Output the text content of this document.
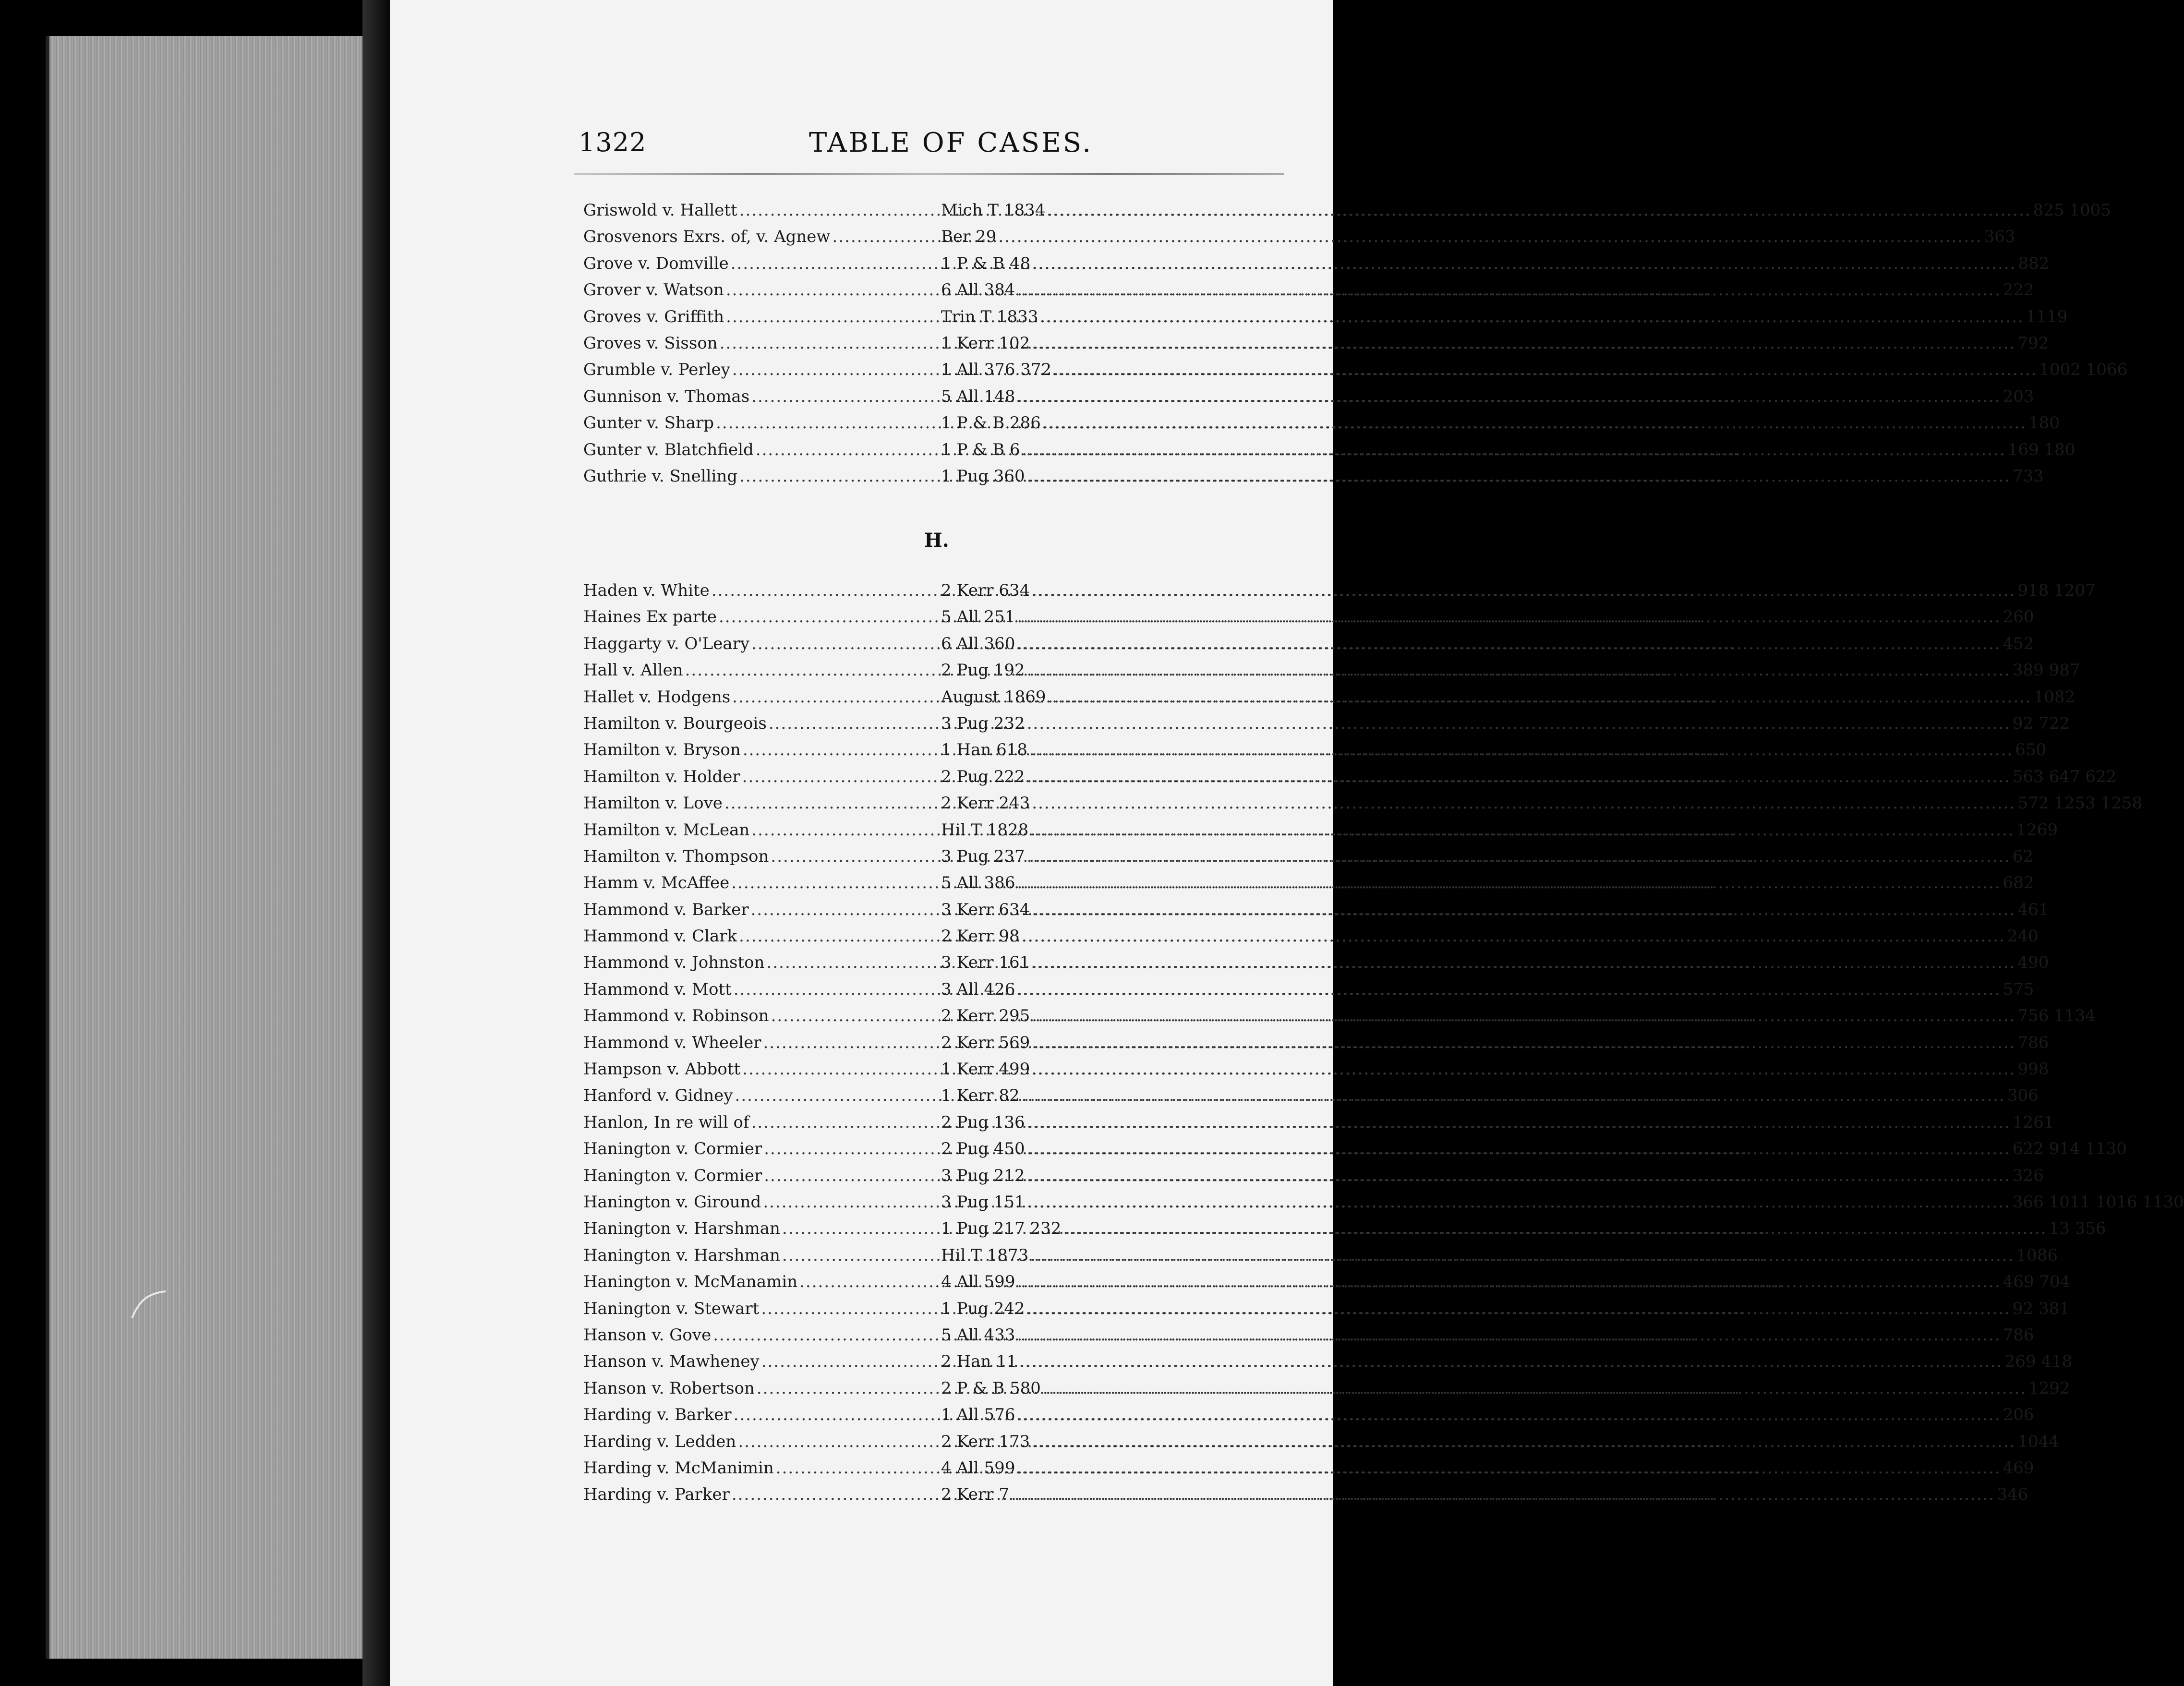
1322	TABLE OF CASES.
Griswold v. Hallett .....	Mich T 1834 .....	825 1005
Grosvenors Exrs. of, v. Agnew .....	Ber 29 .....	363
Grove v. Domville .....	1 P & B 48 .....	882
Grover v. Watson .....	6 All 384 .....	222
Groves v. Griffith .....	Trin T 1833 .....	1119
Groves v. Sisson .....	1 Kerr 102 .....	792
Grumble v. Perley .....	1 All 376 372 .....	1002 1066
Gunnison v. Thomas .....	5 All 148 .....	203
Gunter v. Sharp .....	1 P & B 286 .....	180
Gunter v. Blatchfield .....	1 P & B 6 .....	169 180
Guthrie v. Snelling .....	1 Pug 360 .....	733
H.
Haden v. White .....	2 Kerr 634 .....	918 1207
Haines Ex parte .....	5 All 251 .....	260
Haggarty v. O'Leary .....	6 All 360 .....	452
Hall v. Allen .....	2 Pug 192 .....	389 987
Hallet v. Hodgens .....	August 1869 .....	1082
Hamilton v. Bourgeois .....	3 Pug 232 .....	92 722
Hamilton v. Bryson .....	1 Han 618 .....	650
Hamilton v. Holder .....	2 Pug 222 .....	563 647 622
Hamilton v. Love .....	2 Kerr 243 .....	572 1253 1258
Hamilton v. McLean .....	Hil T 1828 .....	1269
Hamilton v. Thompson .....	3 Pug 237 .....	62
Hamm v. McAffee .....	5 All 386 .....	682
Hammond v. Barker .....	3 Kerr 634 .....	461
Hammond v. Clark .....	2 Kerr 98 .....	240
Hammond v. Johnston .....	3 Kerr 161 .....	490
Hammond v. Mott .....	3 All 426 .....	575
Hammond v. Robinson .....	2 Kerr 295 .....	756 1134
Hammond v. Wheeler .....	2 Kerr 569 .....	786
Hampson v. Abbott .....	1 Kerr 499 .....	998
Hanford v. Gidney .....	1 Kerr 82 .....	306
Hanlon, In re will of .....	2 Pug 136 .....	1261
Hanington v. Cormier .....	2 Pug 450 .....	622 914 1130
Hanington v. Cormier .....	3 Pug 212 .....	326
Hanington v. Giround .....	3 Pug 151 .....	366 1011 1016 1130
Hanington v. Harshman .....	1 Pug 217 232 .....	13 356
Hanington v. Harshman .....	Hil T 1873 .....	1086
Hanington v. McManamin .....	4 All 599 .....	469 704
Hanington v. Stewart .....	1 Pug 242 .....	92 381
Hanson v. Gove .....	5 All 433 .....	786
Hanson v. Mawheney .....	2 Han 11 .....	269 418
Hanson v. Robertson .....	2 P & B 580 .....	1292
Harding v. Barker .....	1 All 576 .....	206
Harding v. Ledden .....	2 Kerr 173 .....	1044
Harding v. McManimin .....	4 All 599 .....	469
Harding v. Parker .....	2 Kerr 7 .....	346
